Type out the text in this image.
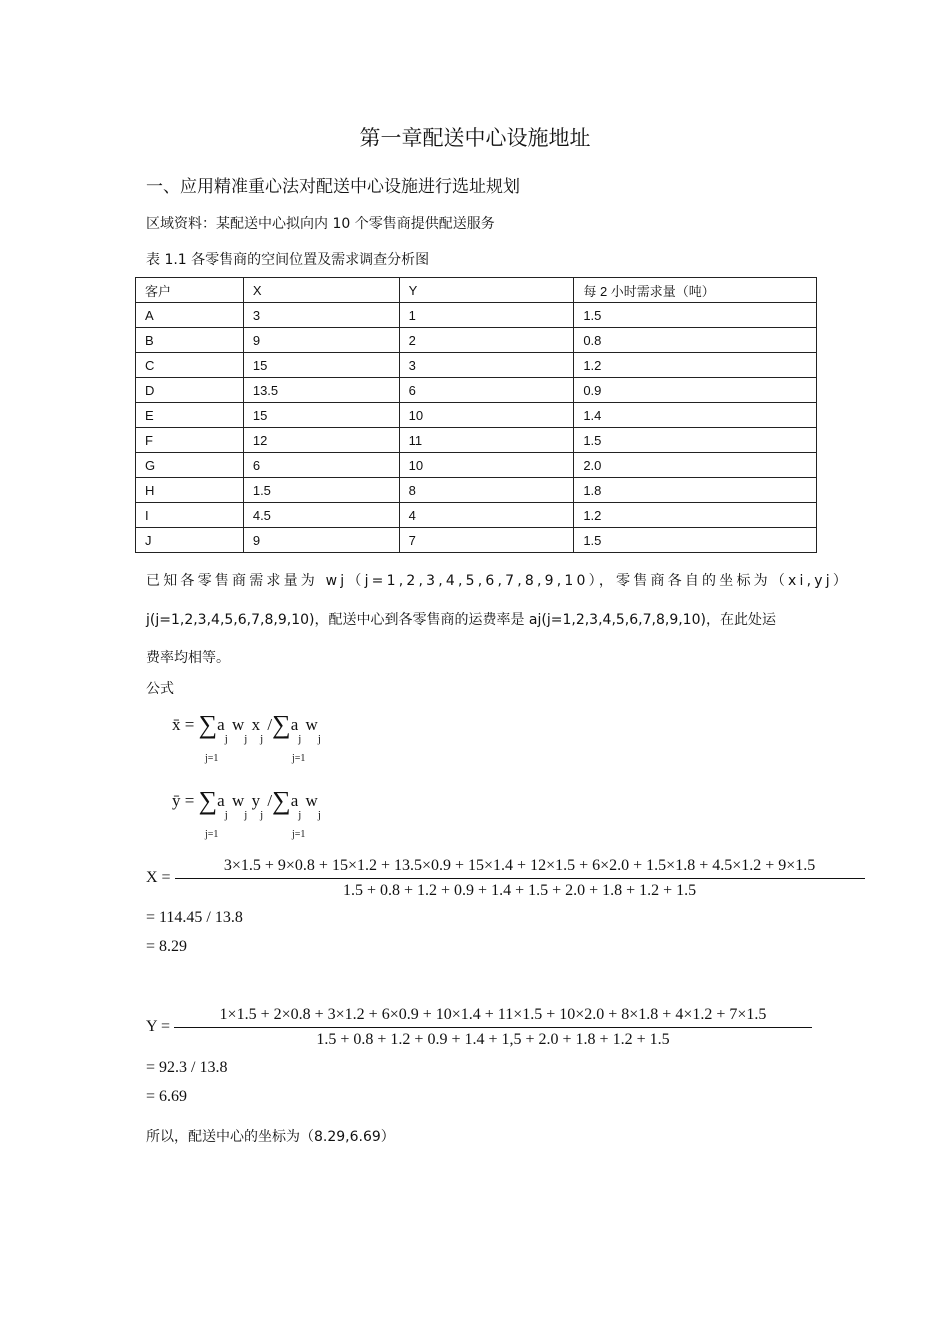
第一章配送中心设施地址
一、应用精准重心法对配送中心设施进行选址规划
区域资料：某配送中心拟向内 10 个零售商提供配送服务
表 1.1 各零售商的空间位置及需求调查分析图
客户	X	Y	每 2 小时需求量（吨）
A	3	1	1.5
B	9	2	0.8
C	15	3	1.2
D	13.5	6	0.9
E	15	10	1.4
F	12	11	1.5
G	6	10	2.0
H	1.5	8	1.8
I	4.5	4	1.2
J	9	7	1.5
已知各零售商需求量为 wj（j=1,2,3,4,5,6,7,8,9,10），零售商各自的坐标为（xi,yj）
j(j=1,2,3,4,5,6,7,8,9,10)，配送中心到各零售商的运费率是 aj(j=1,2,3,4,5,6,7,8,9,10)，在此处运
费率均相等。
公式
x̄ = $\sum a_j$ $w_j$ $x_j$ $/\sum a_j$ $w_j$
j=1	j=1
ȳ = $\sum a_j$ $w_j$ $y_j$ $/\sum a_j$ $w_j$
j=1	j=1
X =
3×1.5 + 9×0.8 + 15×1.2 + 13.5×0.9 + 15×1.4 + 12×1.5 + 6×2.0 + 1.5×1.8 + 4.5×1.2 + 9×1.5
1.5 + 0.8 + 1.2 + 0.9 + 1.4 + 1.5 + 2.0 + 1.8 + 1.2 + 1.5
= 114.45 / 13.8
= 8.29
Y =
1×1.5 + 2×0.8 + 3×1.2 + 6×0.9 + 10×1.4 + 11×1.5 + 10×2.0 + 8×1.8 + 4×1.2 + 7×1.5
1.5 + 0.8 + 1.2 + 0.9 + 1.4 + 1,5 + 2.0 + 1.8 + 1.2 + 1.5
= 92.3 / 13.8
= 6.69
所以，配送中心的坐标为（8.29,6.69）
